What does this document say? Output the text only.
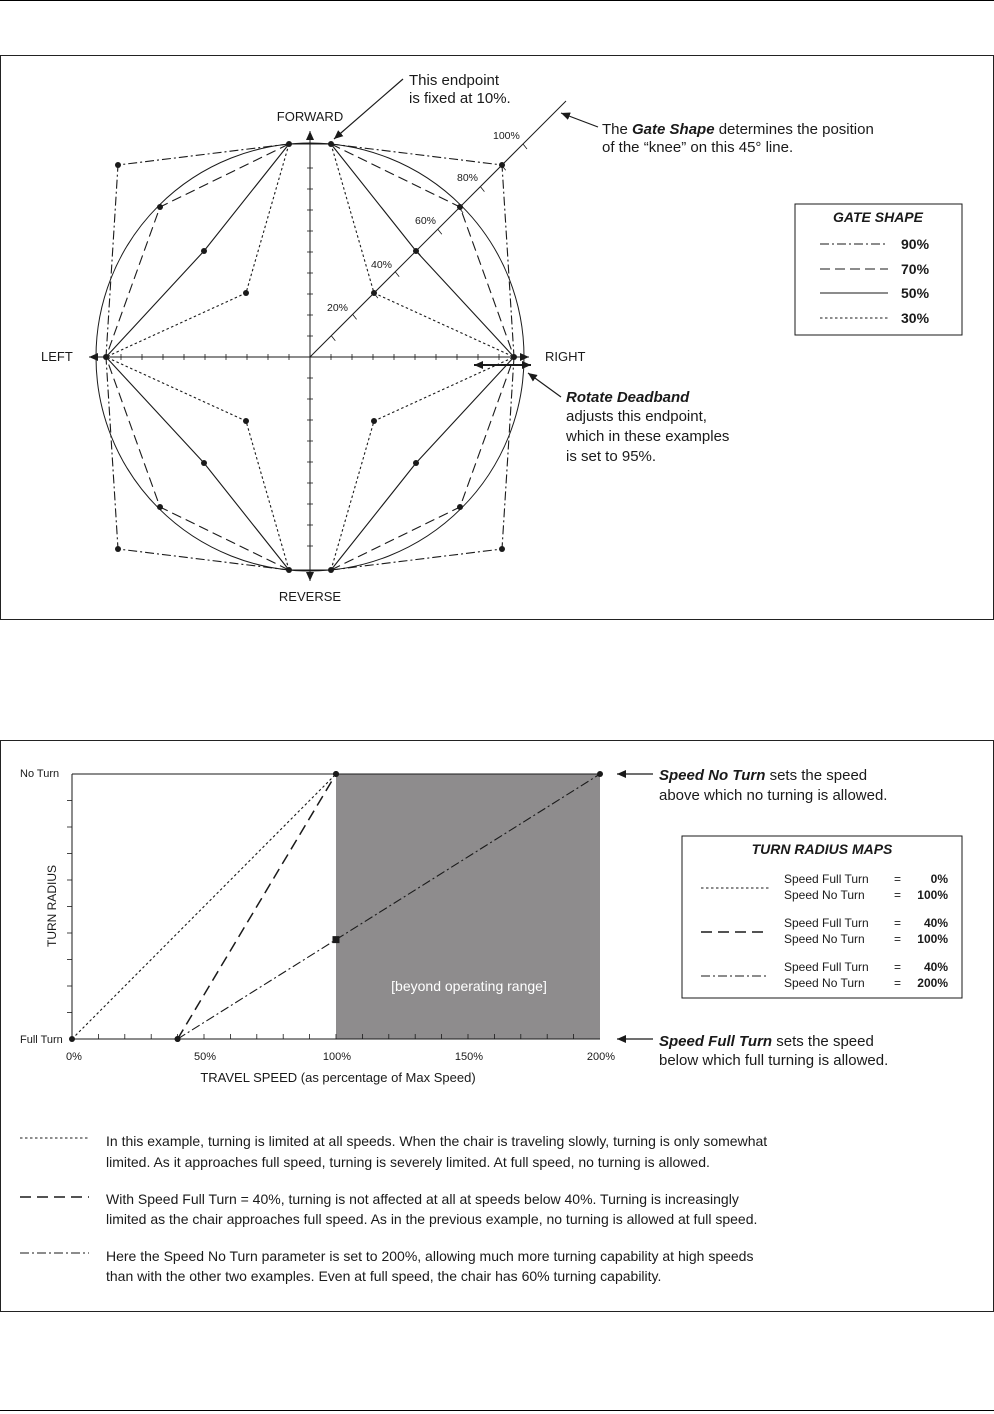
FORWARD
REVERSE
LEFT	RIGHT
20%
40%
60%
80%
100%
This endpoint
is fixed at 10%.
The Gate Shape determines the position
of the “knee” on this 45° line.
Rotate Deadband
adjusts this endpoint,
which in these examples
is set to 95%.
GATE SHAPE
90%
70%
50%
30%
[beyond operating range]
No Turn
Full Turn
TURN RADIUS
0%	50%	100%	150%	200%
TRAVEL SPEED (as percentage of Max Speed)
Speed No Turn sets the speed
above which no turning is allowed.
Speed Full Turn sets the speed
below which full turning is allowed.
TURN RADIUS MAPS
Speed Full Turn = 0%
Speed No Turn = 100%
Speed Full Turn = 40%
Speed No Turn = 100%
Speed Full Turn = 40%
Speed No Turn = 200%
In this example, turning is limited at all speeds. When the chair is traveling slowly, turning is only somewhat
limited. As it approaches full speed, turning is severely limited. At full speed, no turning is allowed.
With Speed Full Turn = 40%, turning is not affected at all at speeds below 40%. Turning is increasingly
limited as the chair approaches full speed. As in the previous example, no turning is allowed at full speed.
Here the Speed No Turn parameter is set to 200%, allowing much more turning capability at high speeds
than with the other two examples. Even at full speed, the chair has 60% turning capability.
